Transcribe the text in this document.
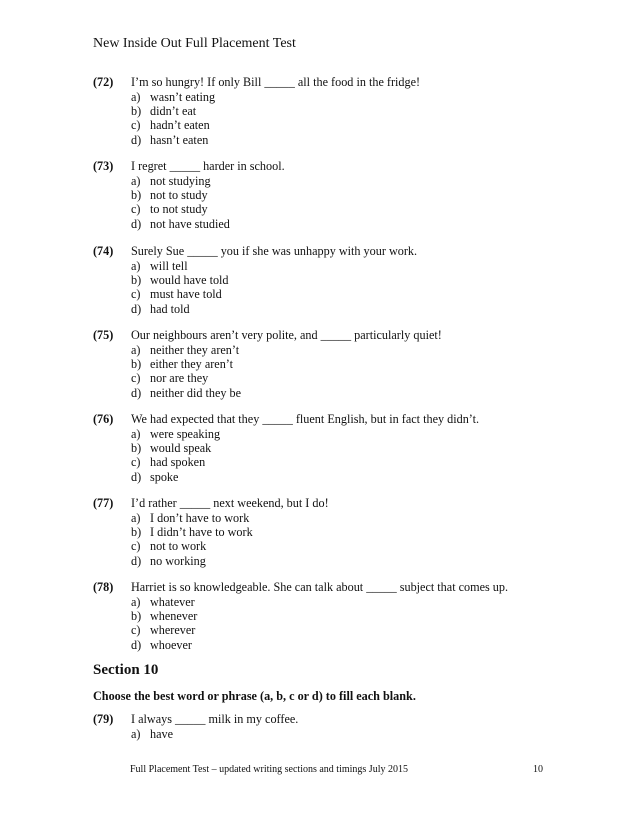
New Inside Out Full Placement Test
(72) I’m so hungry! If only Bill _____ all the food in the fridge!
a) wasn’t eating
b) didn’t eat
c) hadn’t eaten
d) hasn’t eaten
(73) I regret _____ harder in school.
a) not studying
b) not to study
c) to not study
d) not have studied
(74) Surely Sue _____ you if she was unhappy with your work.
a) will tell
b) would have told
c) must have told
d) had told
(75) Our neighbours aren’t very polite, and _____ particularly quiet!
a) neither they aren’t
b) either they aren’t
c) nor are they
d) neither did they be
(76) We had expected that they _____ fluent English, but in fact they didn’t.
a) were speaking
b) would speak
c) had spoken
d) spoke
(77) I’d rather _____ next weekend, but I do!
a) I don’t have to work
b) I didn’t have to work
c) not to work
d) no working
(78) Harriet is so knowledgeable. She can talk about _____ subject that comes up.
a) whatever
b) whenever
c) wherever
d) whoever
Section 10
Choose the best word or phrase (a, b, c or d) to fill each blank.
(79) I always _____ milk in my coffee.
a) have
Full Placement Test – updated writing sections and timings July 2015	10
